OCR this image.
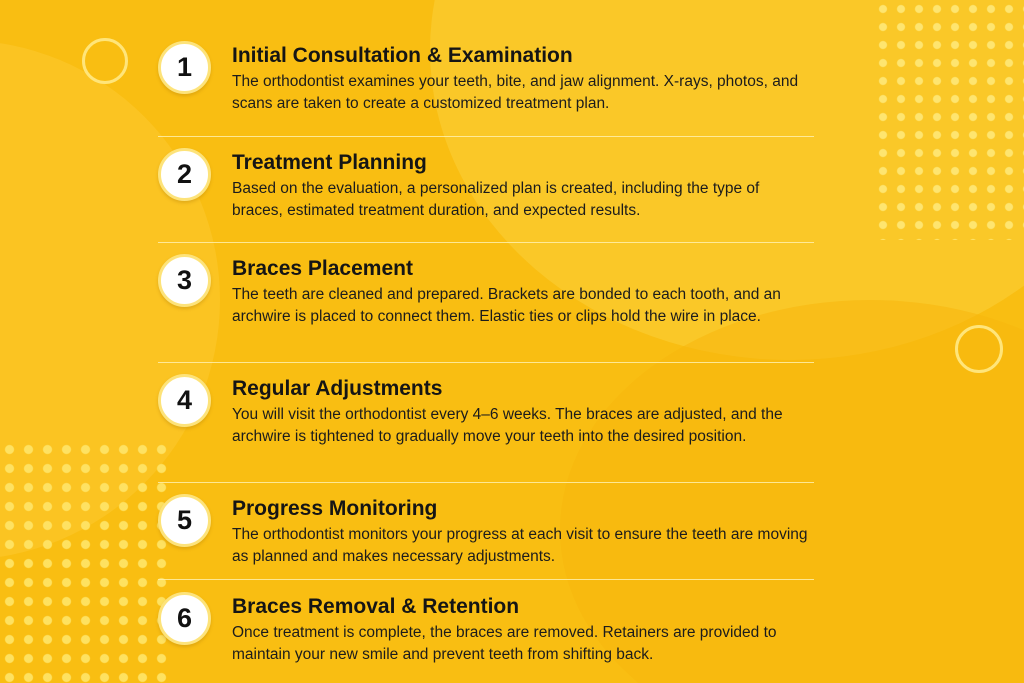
1	Initial Consultation & Examination

The orthodontist examines your teeth, bite, and jaw alignment. X-rays, photos, and scans are taken to create a customized treatment plan.

2	Treatment Planning

Based on the evaluation, a personalized plan is created, including the type of braces, estimated treatment duration, and expected results.

3	Braces Placement

The teeth are cleaned and prepared. Brackets are bonded to each tooth, and an archwire is placed to connect them. Elastic ties or clips hold the wire in place.

4	Regular Adjustments

You will visit the orthodontist every 4–6 weeks. The braces are adjusted, and the archwire is tightened to gradually move your teeth into the desired position.

5	Progress Monitoring

The orthodontist monitors your progress at each visit to ensure the teeth are moving as planned and makes necessary adjustments.

6	Braces Removal & Retention

Once treatment is complete, the braces are removed. Retainers are provided to maintain your new smile and prevent teeth from shifting back.
